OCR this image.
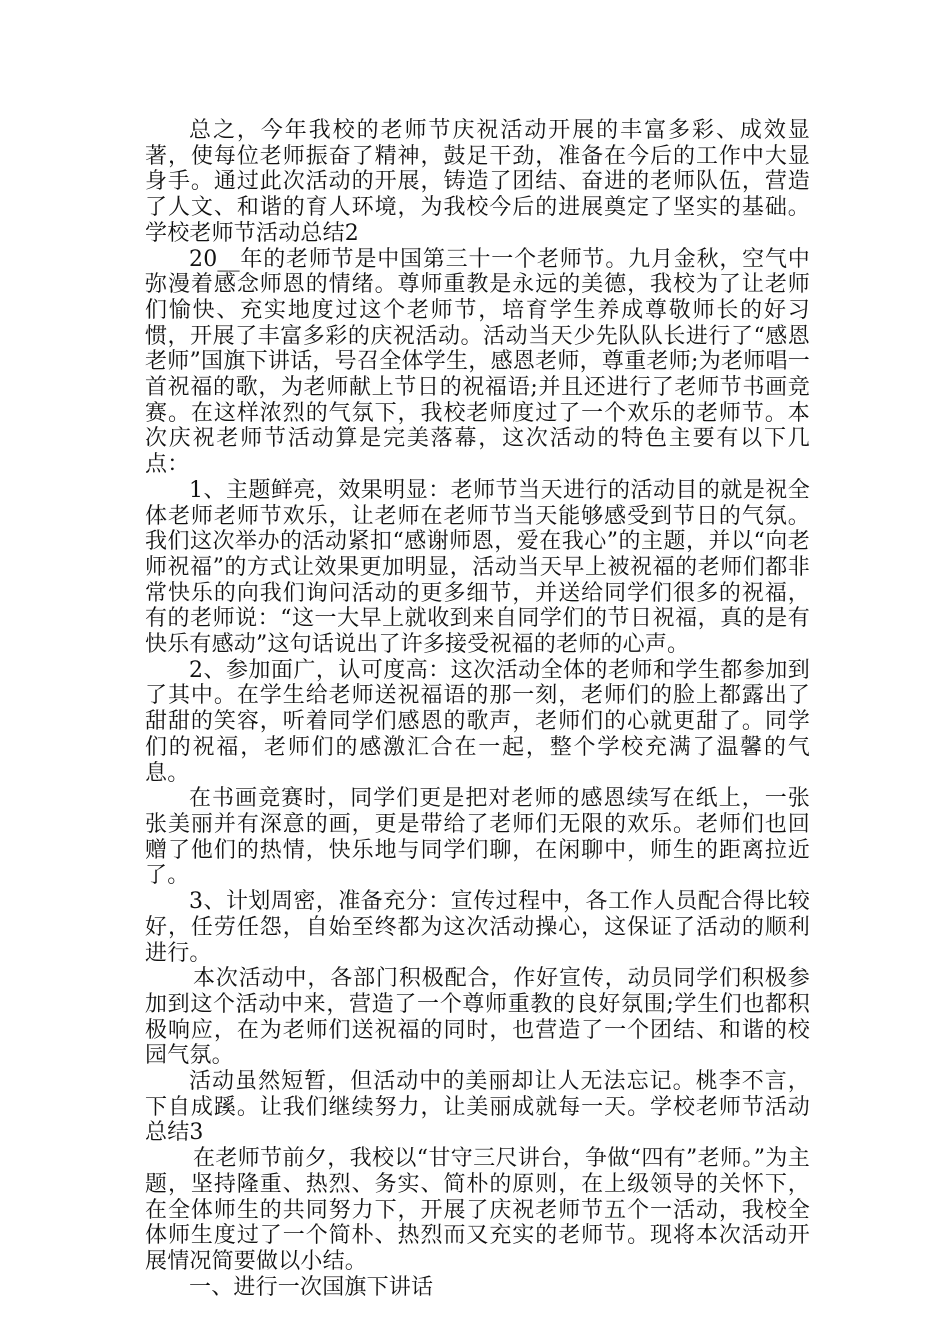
总之，今年我校的老师节庆祝活动开展的丰富多彩、成效显著，使每位老师振奋了精神，鼓足干劲，准备在今后的工作中大显身手。通过此次活动的开展，铸造了团结、奋进的老师队伍，营造了人文、和谐的育人环境，为我校今后的进展奠定了坚实的基础。学校老师节活动总结2

20__年的老师节是中国第三十一个老师节。九月金秋，空气中弥漫着感念师恩的情绪。尊师重教是永远的美德，我校为了让老师们愉快、充实地度过这个老师节，培育学生养成尊敬师长的好习惯，开展了丰富多彩的庆祝活动。活动当天少先队队长进行了“感恩老师”国旗下讲话，号召全体学生，感恩老师，尊重老师;为老师唱一首祝福的歌，为老师献上节日的祝福语;并且还进行了老师节书画竞赛。在这样浓烈的气氛下，我校老师度过了一个欢乐的老师节。本次庆祝老师节活动算是完美落幕，这次活动的特色主要有以下几点：

1、主题鲜亮，效果明显：老师节当天进行的活动目的就是祝全体老师老师节欢乐，让老师在老师节当天能够感受到节日的气氛。我们这次举办的活动紧扣“感谢师恩，爱在我心”的主题，并以“向老师祝福”的方式让效果更加明显，活动当天早上被祝福的老师们都非常快乐的向我们询问活动的更多细节，并送给同学们很多的祝福，有的老师说：“这一大早上就收到来自同学们的节日祝福，真的是有快乐有感动”这句话说出了许多接受祝福的老师的心声。

2、参加面广，认可度高：这次活动全体的老师和学生都参加到了其中。在学生给老师送祝福语的那一刻，老师们的脸上都露出了甜甜的笑容，听着同学们感恩的歌声，老师们的心就更甜了。同学们的祝福，老师们的感激汇合在一起，整个学校充满了温馨的气息。

在书画竞赛时，同学们更是把对老师的感恩续写在纸上，一张张美丽并有深意的画，更是带给了老师们无限的欢乐。老师们也回赠了他们的热情，快乐地与同学们聊，在闲聊中，师生的距离拉近了。

3、计划周密，准备充分：宣传过程中，各工作人员配合得比较好，任劳任怨，自始至终都为这次活动操心，这保证了活动的顺利进行。

本次活动中，各部门积极配合，作好宣传，动员同学们积极参加到这个活动中来，营造了一个尊师重教的良好氛围;学生们也都积极响应，在为老师们送祝福的同时，也营造了一个团结、和谐的校园气氛。

活动虽然短暂，但活动中的美丽却让人无法忘记。桃李不言，下自成蹊。让我们继续努力，让美丽成就每一天。学校老师节活动总结3

在老师节前夕，我校以“甘守三尺讲台，争做“四有”老师。”为主题，坚持隆重、热烈、务实、简朴的原则，在上级领导的关怀下，在全体师生的共同努力下，开展了庆祝老师节五个一活动，我校全体师生度过了一个简朴、热烈而又充实的老师节。现将本次活动开展情况简要做以小结。

一、进行一次国旗下讲话
